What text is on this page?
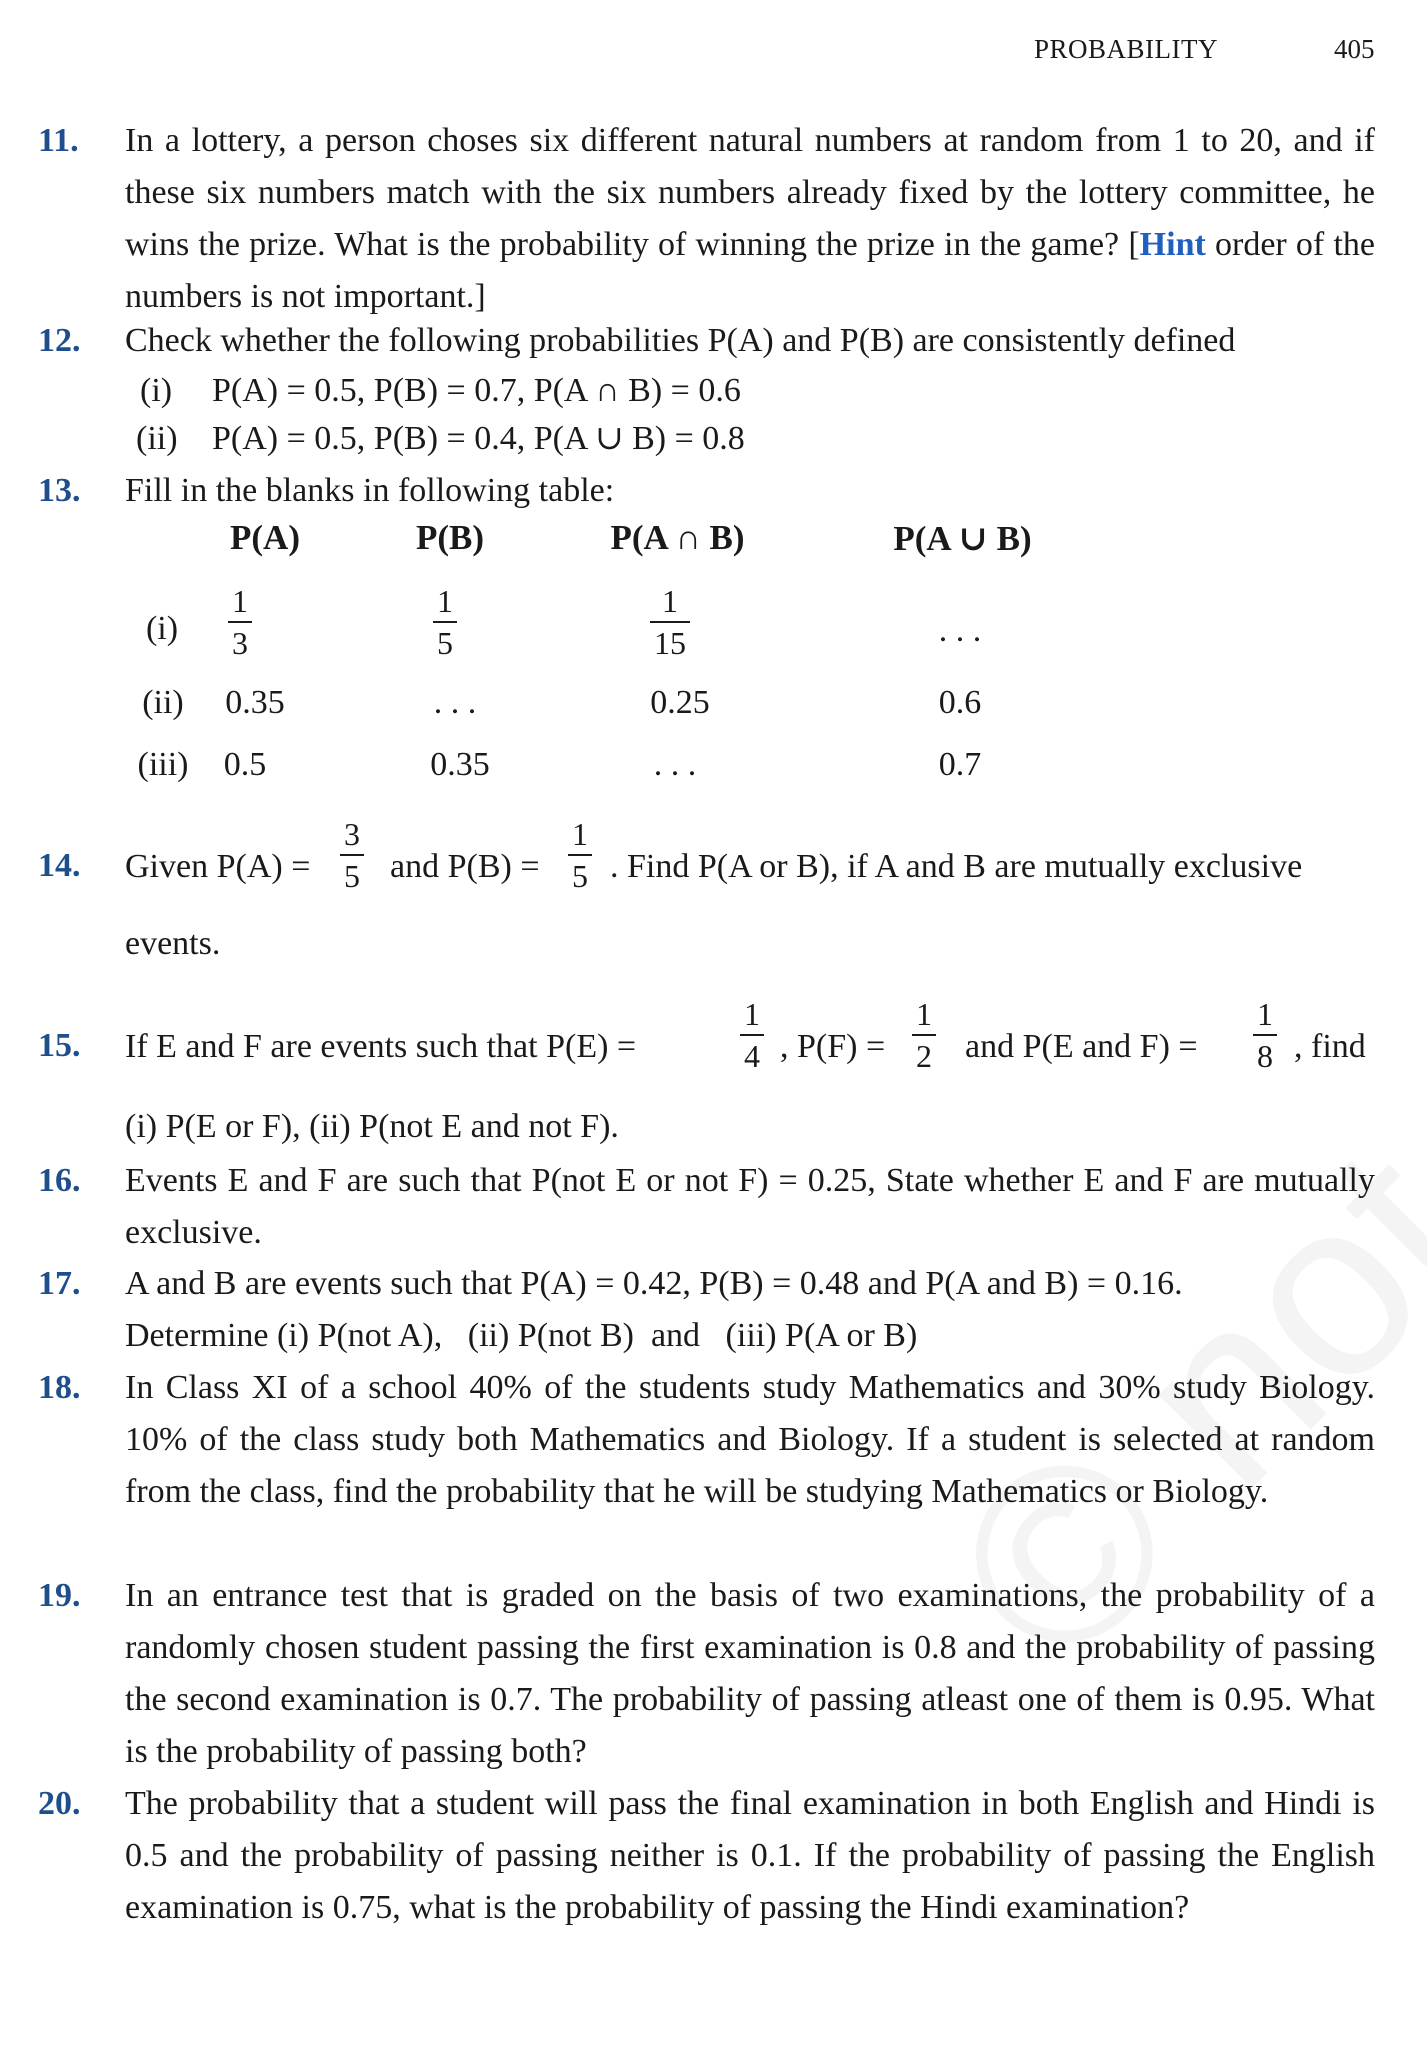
PROBABILITY	405
11.	In a lottery, a person choses six different natural numbers at random from 1 to 20, and if these six numbers match with the six numbers already fixed by the lottery committee, he wins the prize. What is the probability of winning the prize in the game? [Hint order of the numbers is not important.]
12.	Check whether the following probabilities P(A) and P(B) are consistently defined
(i) P(A) = 0.5, P(B) = 0.7, P(A ∩ B) = 0.6
(ii) P(A) = 0.5, P(B) = 0.4, P(A ∪ B) = 0.8
13.	Fill in the blanks in following table:
P(A)	P(B)	P(A ∩ B)	P(A ∪ B)
(i)	$\frac{1}{3}$	$\frac{1}{5}$	$\frac{1}{15}$	. . .
(ii)	0.35	. . .	0.25	0.6
(iii)	0.5	0.35	. . .	0.7
14.	Given $P(A) = \frac{3}{5}$ and $P(B) = \frac{1}{5}$ . Find P(A or B), if A and B are mutually exclusive
events.
15.	If E and F are events such that P(E) =	$\frac{1}{4}$ , $P(F) = \frac{1}{2}$ and P(E and $F) = \frac{1}{8}$ , find
(i) P(E or F), (ii) P(not E and not F).
16.	Events E and F are such that P(not E or not F) = 0.25, State whether E and F are mutually exclusive.
17.	A and B are events such that P(A) = 0.42, P(B) = 0.48 and P(A and B) = 0.16.
Determine (i) P(not A),   (ii) P(not B)  and   (iii) P(A or B)
18.	In Class XI of a school 40% of the students study Mathematics and 30% study Biology. 10% of the class study both Mathematics and Biology. If a student is selected at random from the class, find the probability that he will be studying Mathematics or Biology.
19.	In an entrance test that is graded on the basis of two examinations, the probability of a randomly chosen student passing the first examination is 0.8 and the probability of passing the second examination is 0.7. The probability of passing atleast one of them is 0.95. What is the probability of passing both?
20.	The probability that a student will pass the final examination in both English and Hindi is 0.5 and the probability of passing neither is 0.1. If the probability of passing the English examination is 0.75, what is the probability of passing the Hindi examination?
